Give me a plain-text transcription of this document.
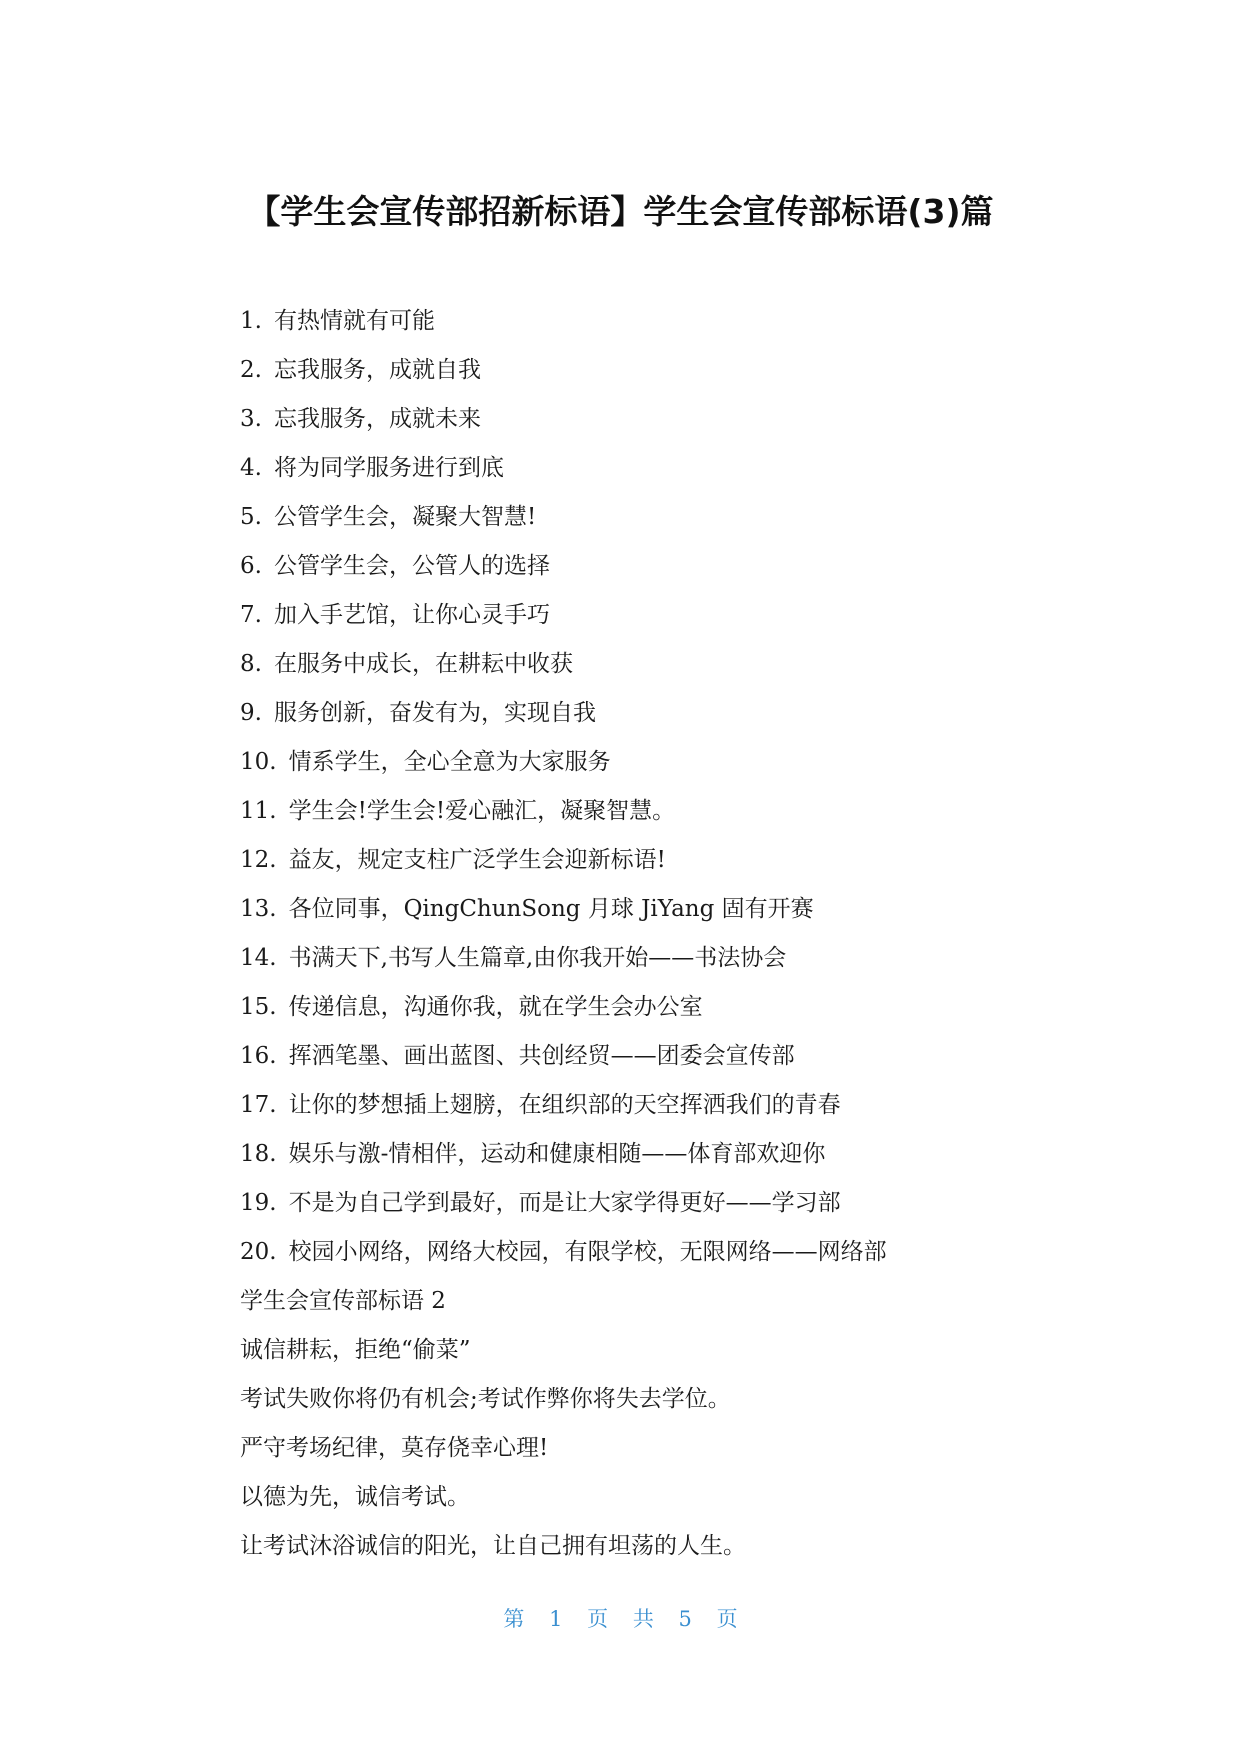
【学生会宣传部招新标语】学生会宣传部标语(3)篇
1. 有热情就有可能
2. 忘我服务，成就自我
3. 忘我服务，成就未来
4. 将为同学服务进行到底
5. 公管学生会，凝聚大智慧!
6. 公管学生会，公管人的选择
7. 加入手艺馆，让你心灵手巧
8. 在服务中成长，在耕耘中收获
9. 服务创新，奋发有为，实现自我
10. 情系学生，全心全意为大家服务
11. 学生会!学生会!爱心融汇，凝聚智慧。
12. 益友，规定支柱广泛学生会迎新标语!
13. 各位同事，QingChunSong 月球 JiYang 固有开赛
14. 书满天下,书写人生篇章,由你我开始——书法协会
15. 传递信息，沟通你我，就在学生会办公室
16. 挥洒笔墨、画出蓝图、共创经贸——团委会宣传部
17. 让你的梦想插上翅膀，在组织部的天空挥洒我们的青春
18. 娱乐与激-情相伴，运动和健康相随——体育部欢迎你
19. 不是为自己学到最好，而是让大家学得更好——学习部
20. 校园小网络，网络大校园，有限学校，无限网络——网络部
学生会宣传部标语 2
诚信耕耘，拒绝“偷菜”
考试失败你将仍有机会;考试作弊你将失去学位。
严守考场纪律，莫存侥幸心理!
以德为先，诚信考试。
让考试沐浴诚信的阳光，让自己拥有坦荡的人生。
第 1 页 共 5 页
